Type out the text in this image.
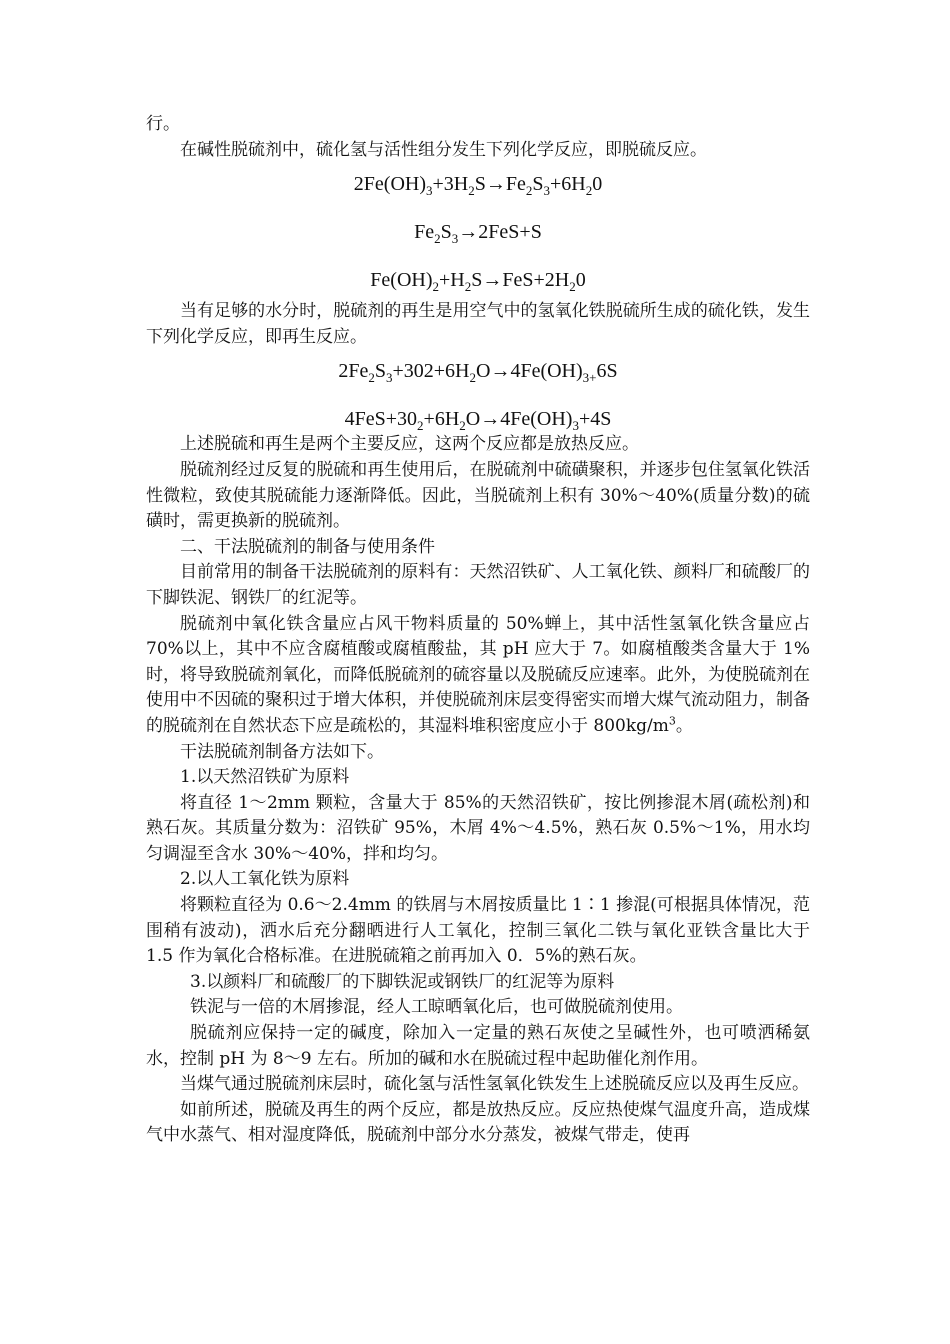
行。

在碱性脱硫剂中，硫化氢与活性组分发生下列化学反应，即脱硫反应。

$2Fe(OH)_3+3H_2S\to Fe_2S_3+6H_20$
$Fe_2S_3\to 2FeS+S$
$Fe(OH)_2+H_2S\to FeS+2H_20$

当有足够的水分时，脱硫剂的再生是用空气中的氢氧化铁脱硫所生成的硫化铁，发生下列化学反应，即再生反应。

$2Fe_2S_3+302+6H_2O\to 4Fe(OH)_{3+}6S$
$4FeS+30_2+6H_2O\to 4Fe(OH)_3+4S$

上述脱硫和再生是两个主要反应，这两个反应都是放热反应。

脱硫剂经过反复的脱硫和再生使用后，在脱硫剂中硫磺聚积，并逐步包住氢氧化铁活性微粒，致使其脱硫能力逐渐降低。因此，当脱硫剂上积有 30%～40%(质量分数)的硫磺时，需更换新的脱硫剂。

二、干法脱硫剂的制备与使用条件

目前常用的制备干法脱硫剂的原料有：天然沼铁矿、人工氧化铁、颜料厂和硫酸厂的下脚铁泥、钢铁厂的红泥等。

脱硫剂中氧化铁含量应占风干物料质量的 50%蝉上，其中活性氢氧化铁含量应占 70%以上，其中不应含腐植酸或腐植酸盐，其 pH 应大于 7。如腐植酸类含量大于 1%时，将导致脱硫剂氧化，而降低脱硫剂的硫容量以及脱硫反应速率。此外，为使脱硫剂在使用中不因硫的聚积过于增大体积，并使脱硫剂床层变得密实而增大煤气流动阻力，制备的脱硫剂在自然状态下应是疏松的，其湿料堆积密度应小于 $800kg/m^3$。

干法脱硫剂制备方法如下。

1.以天然沼铁矿为原料

将直径 1～2mm 颗粒，含量大于 85%的天然沼铁矿，按比例掺混木屑(疏松剂)和熟石灰。其质量分数为：沼铁矿 95%，木屑 4%～4.5%，熟石灰 0.5%～1%，用水均匀调湿至含水 30%～40%，拌和均匀。

2.以人工氧化铁为原料

将颗粒直径为 0.6～2.4mm 的铁屑与木屑按质量比 1∶1 掺混(可根据具体情况，范围稍有波动)，洒水后充分翻晒进行人工氧化，控制三氧化二铁与氧化亚铁含量比大于 1.5 作为氧化合格标准。在进脱硫箱之前再加入 0．5%的熟石灰。

3.以颜料厂和硫酸厂的下脚铁泥或钢铁厂的红泥等为原料

铁泥与一倍的木屑掺混，经人工晾晒氧化后，也可做脱硫剂使用。

脱硫剂应保持一定的碱度，除加入一定量的熟石灰使之呈碱性外，也可喷洒稀氨水，控制 pH 为 8～9 左右。所加的碱和水在脱硫过程中起助催化剂作用。

当煤气通过脱硫剂床层时，硫化氢与活性氢氧化铁发生上述脱硫反应以及再生反应。

如前所述，脱硫及再生的两个反应，都是放热反应。反应热使煤气温度升高，造成煤气中水蒸气、相对湿度降低，脱硫剂中部分水分蒸发，被煤气带走，使再
